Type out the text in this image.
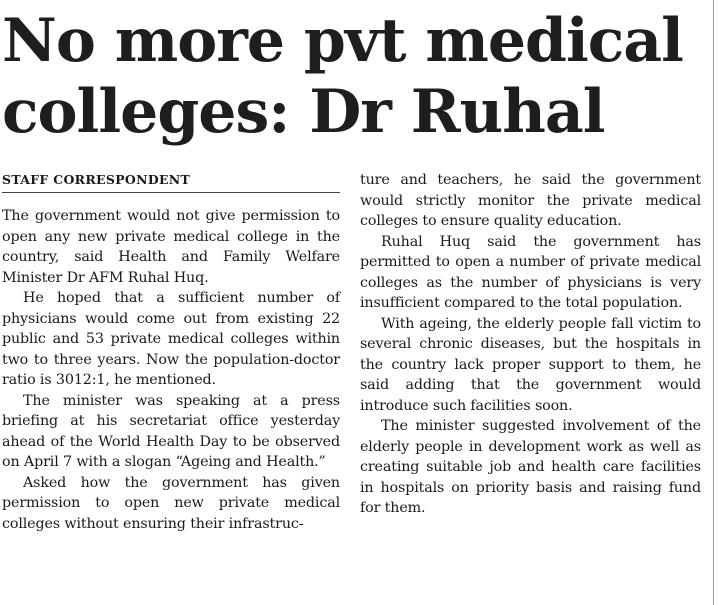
No more pvt medical
colleges: Dr Ruhal
STAFF CORRESPONDENT

The government would not give permission to open any new private medical college in the country, said Health and Family Welfare Minister Dr AFM Ruhal Huq.

He hoped that a sufficient number of physicians would come out from existing 22 public and 53 private medical colleges within two to three years. Now the population-doctor ratio is 3012:1, he mentioned.

The minister was speaking at a press briefing at his secretariat office yesterday ahead of the World Health Day to be observed on April 7 with a slogan “Ageing and Health.”

Asked how the government has given permission to open new private medical colleges without ensuring their infrastruc-

ture and teachers, he said the government would strictly monitor the private medical colleges to ensure quality education.

Ruhal Huq said the government has permitted to open a number of private medical colleges as the number of physicians is very insufficient compared to the total population.

With ageing, the elderly people fall victim to several chronic diseases, but the hospitals in the country lack proper support to them, he said adding that the government would introduce such facilities soon.

The minister suggested involvement of the elderly people in development work as well as creating suitable job and health care facilities in hospitals on priority basis and raising fund for them.
